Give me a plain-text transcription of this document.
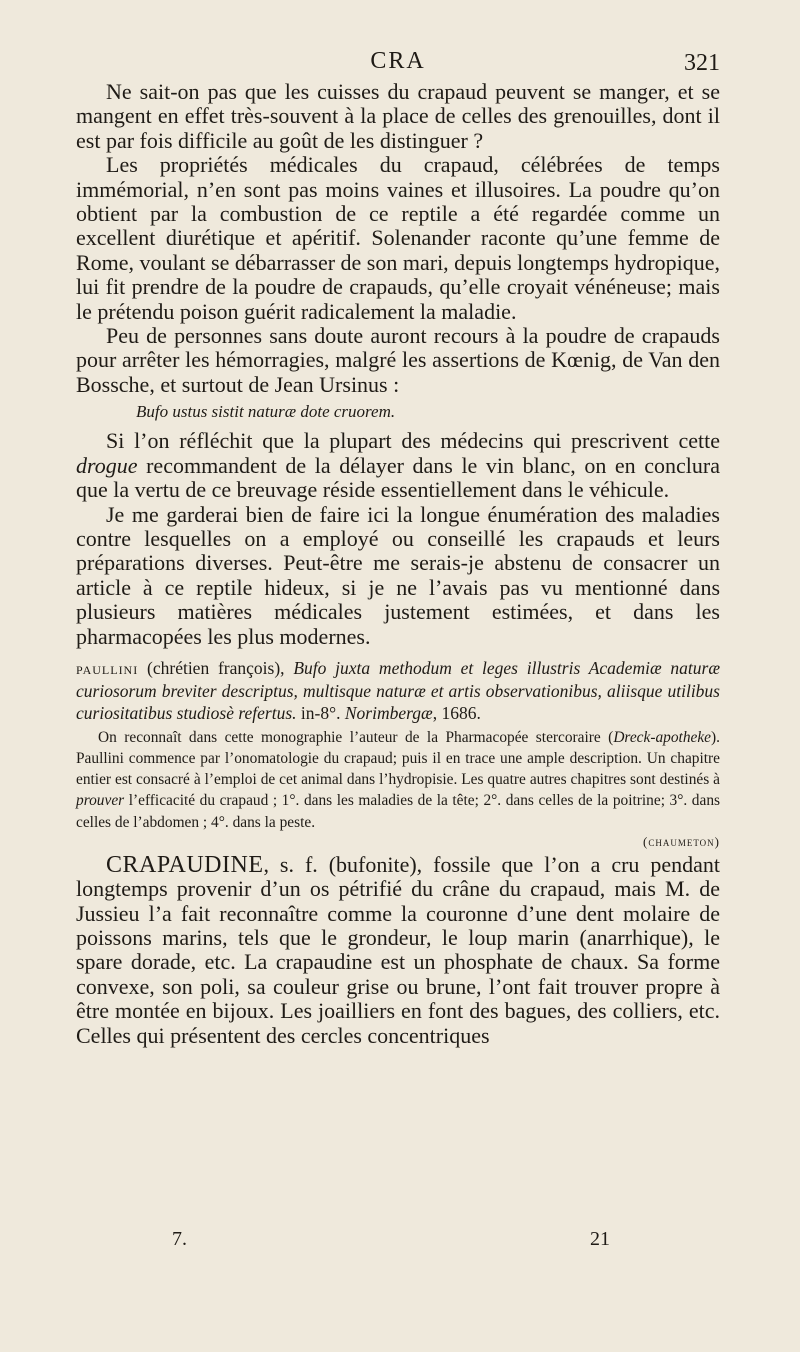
CRA	321

Ne sait-on pas que les cuisses du crapaud peuvent se manger, et se mangent en effet très-souvent à la place de celles des grenouilles, dont il est par fois difficile au goût de les distinguer ?

Les propriétés médicales du crapaud, célébrées de temps immémorial, n’en sont pas moins vaines et illusoires. La poudre qu’on obtient par la combustion de ce reptile a été regardée comme un excellent diurétique et apéritif. Solenander raconte qu’une femme de Rome, voulant se débarrasser de son mari, depuis longtemps hydropique, lui fit prendre de la poudre de crapauds, qu’elle croyait vénéneuse; mais le prétendu poison guérit radicalement la maladie.

Peu de personnes sans doute auront recours à la poudre de crapauds pour arrêter les hémorragies, malgré les assertions de Kœnig, de Van den Bossche, et surtout de Jean Ursinus :

Bufo ustus sistit naturæ dote cruorem.

Si l’on réfléchit que la plupart des médecins qui prescrivent cette drogue recommandent de la délayer dans le vin blanc, on en conclura que la vertu de ce breuvage réside essentiellement dans le véhicule.

Je me garderai bien de faire ici la longue énumération des maladies contre lesquelles on a employé ou conseillé les crapauds et leurs préparations diverses. Peut-être me serais-je abstenu de consacrer un article à ce reptile hideux, si je ne l’avais pas vu mentionné dans plusieurs matières médicales justement estimées, et dans les pharmacopées les plus modernes.

paullini (chrétien françois), Bufo juxta methodum et leges illustris Academiæ naturæ curiosorum breviter descriptus, multisque naturæ et artis observationibus, aliisque utilibus curiositatibus studiosè refertus. in-8°. Norimbergæ, 1686.

On reconnaît dans cette monographie l’auteur de la Pharmacopée stercoraire (Dreck-apotheke). Paullini commence par l’onomatologie du crapaud; puis il en trace une ample description. Un chapitre entier est consacré à l’emploi de cet animal dans l’hydropisie. Les quatre autres chapitres sont destinés à prouver l’efficacité du crapaud ; 1°. dans les maladies de la tête; 2°. dans celles de la poitrine; 3°. dans celles de l’abdomen ; 4°. dans la peste.

(chaumeton)

CRAPAUDINE, s. f. (bufonite), fossile que l’on a cru pendant longtemps provenir d’un os pétrifié du crâne du crapaud, mais M. de Jussieu l’a fait reconnaître comme la couronne d’une dent molaire de poissons marins, tels que le grondeur, le loup marin (anarrhique), le spare dorade, etc. La crapaudine est un phosphate de chaux. Sa forme convexe, son poli, sa couleur grise ou brune, l’ont fait trouver propre à être montée en bijoux. Les joailliers en font des bagues, des colliers, etc. Celles qui présentent des cercles concentriques

7.	21
